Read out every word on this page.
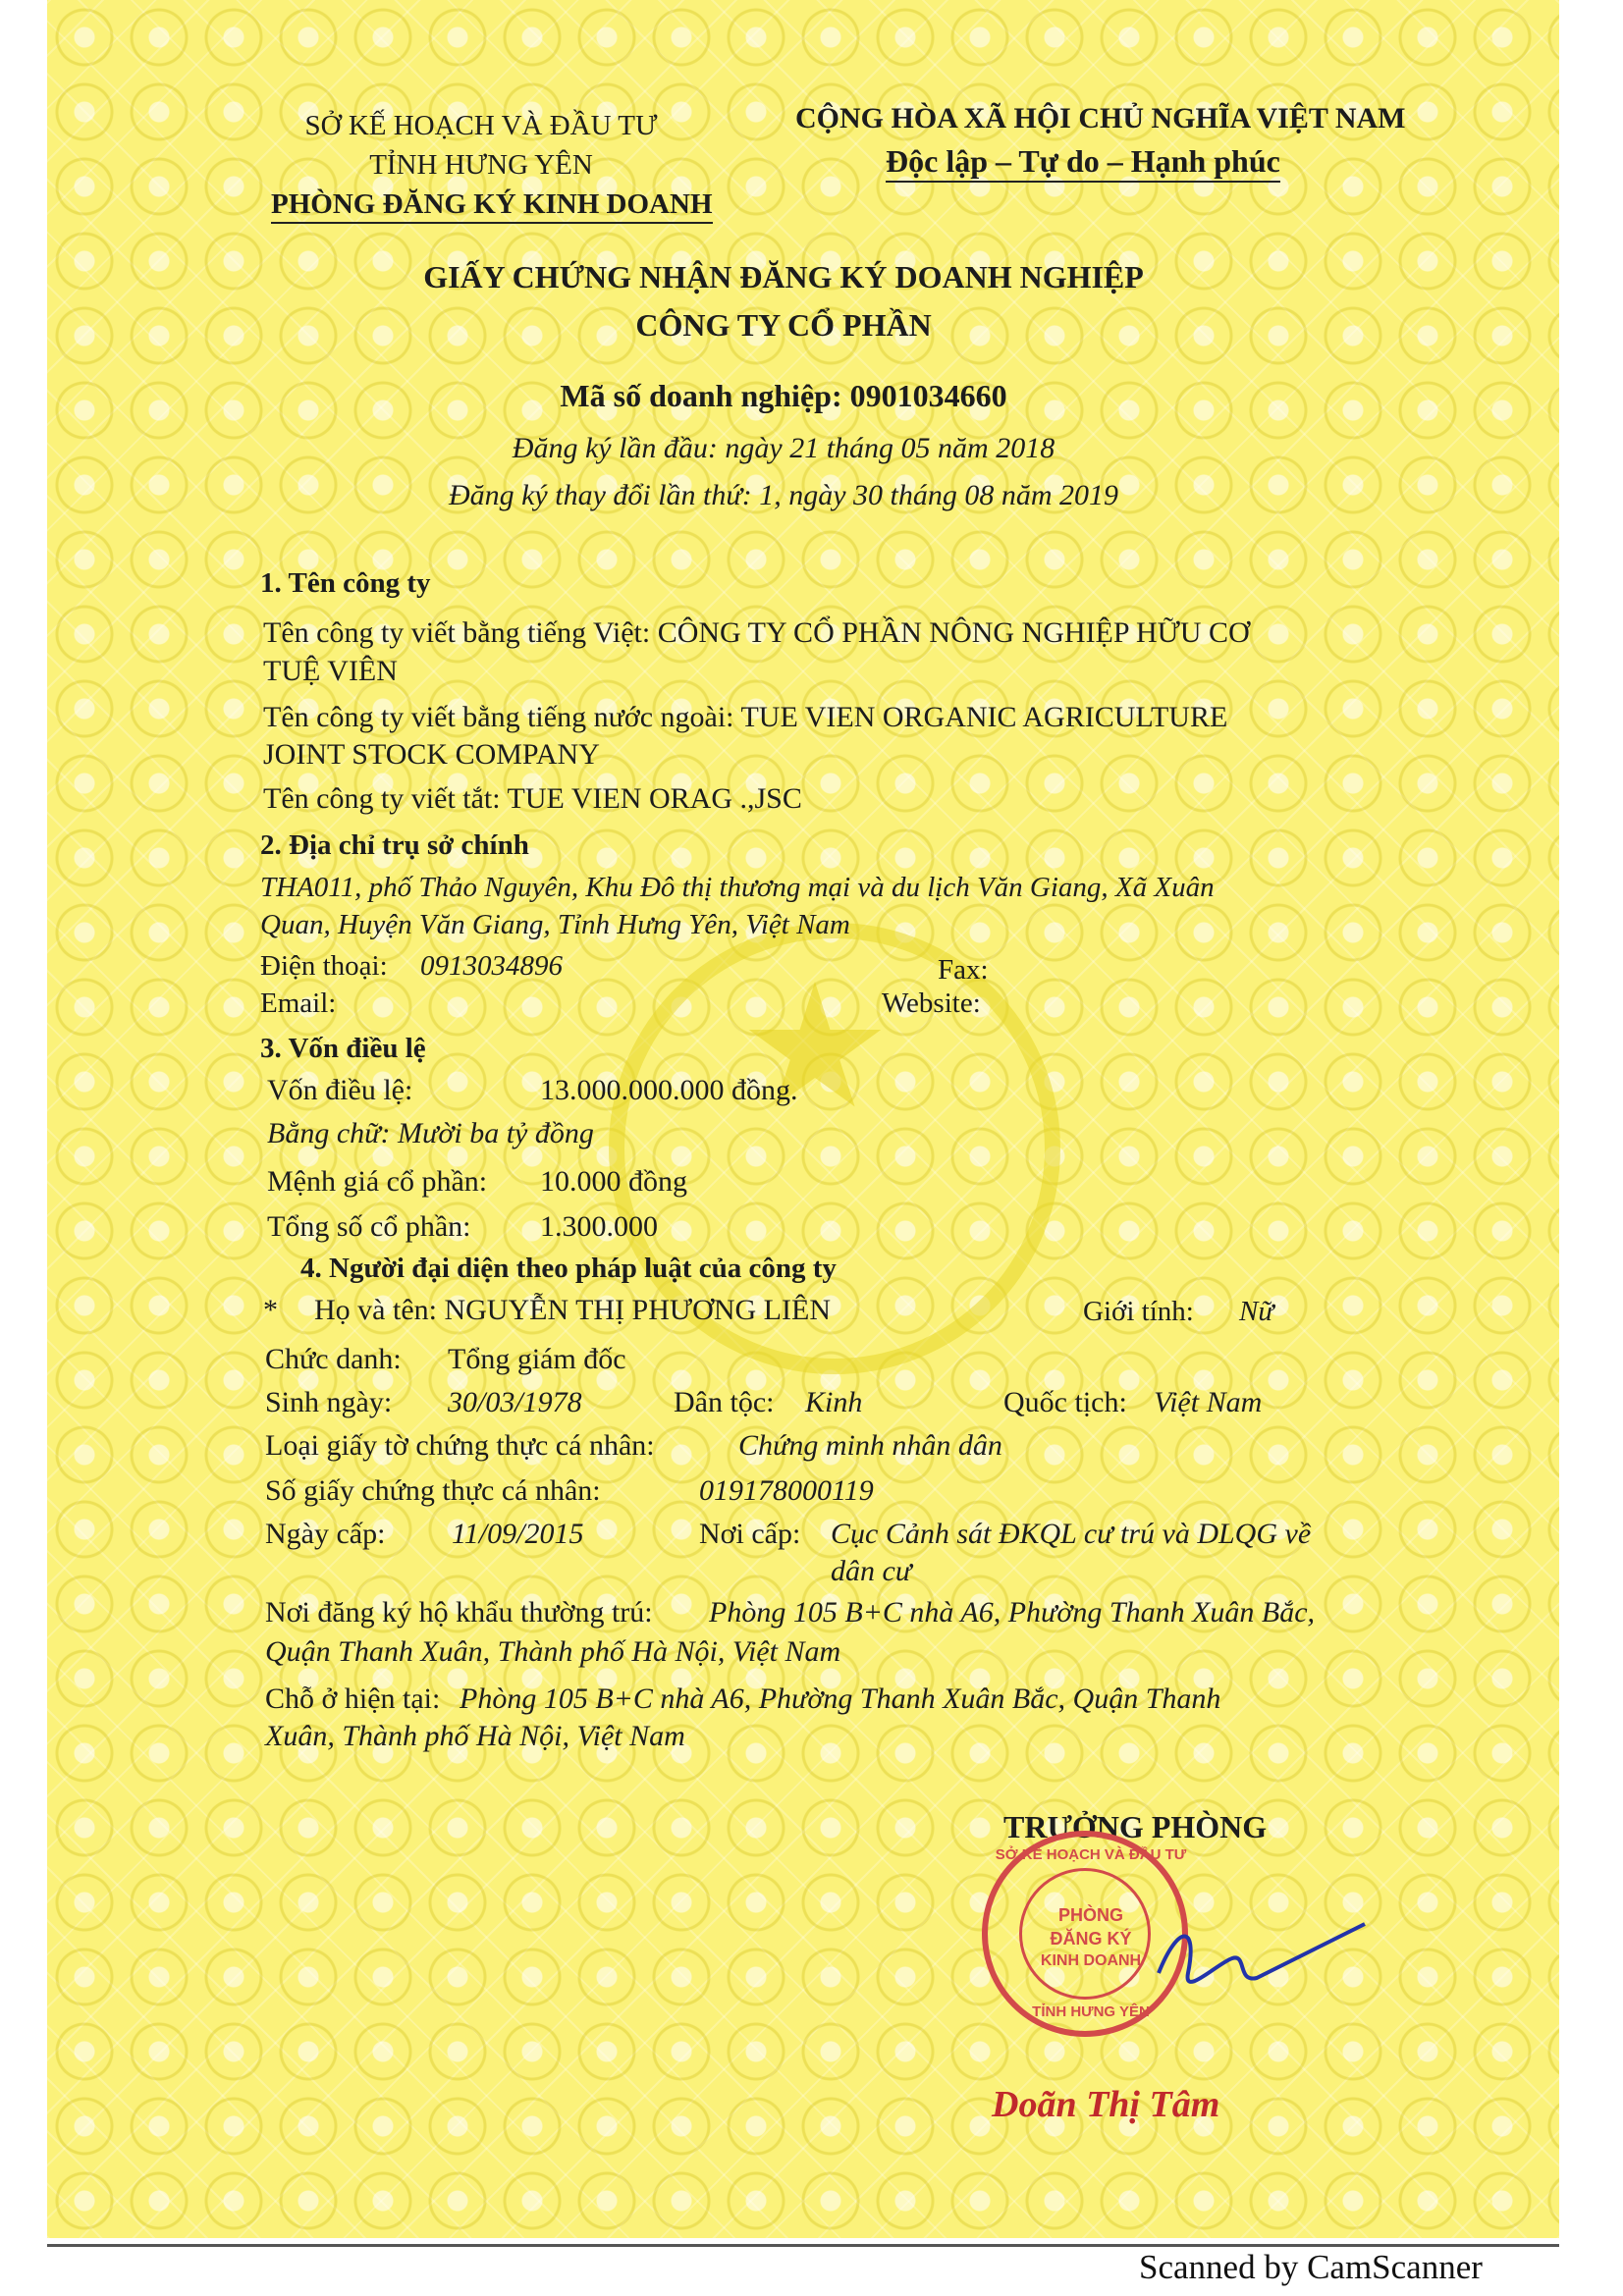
SỞ KẾ HOẠCH VÀ ĐẦU TƯ
TỈNH HƯNG YÊN
PHÒNG ĐĂNG KÝ KINH DOANH
CỘNG HÒA XÃ HỘI CHỦ NGHĨA VIỆT NAM
Độc lập – Tự do – Hạnh phúc
GIẤY CHỨNG NHẬN ĐĂNG KÝ DOANH NGHIỆP
CÔNG TY CỔ PHẦN
Mã số doanh nghiệp: 0901034660
Đăng ký lần đầu: ngày 21 tháng 05 năm 2018
Đăng ký thay đổi lần thứ: 1, ngày 30 tháng 08 năm 2019
1. Tên công ty
Tên công ty viết bằng tiếng Việt: CÔNG TY CỔ PHẦN NÔNG NGHIỆP HỮU CƠ
TUỆ VIÊN
Tên công ty viết bằng tiếng nước ngoài: TUE VIEN ORGANIC AGRICULTURE
JOINT STOCK COMPANY
Tên công ty viết tắt: TUE VIEN ORAG .,JSC
2. Địa chỉ trụ sở chính
THA011, phố Thảo Nguyên, Khu Đô thị thương mại và du lịch Văn Giang, Xã Xuân
Quan, Huyện Văn Giang, Tỉnh Hưng Yên, Việt Nam
Điện thoại: 0913034896	Fax:
Email:	Website:
3. Vốn điều lệ
Vốn điều lệ:	13.000.000.000 đồng.
Bằng chữ: Mười ba tỷ đồng
Mệnh giá cổ phần: 10.000 đồng
Tổng số cổ phần: 1.300.000
4. Người đại diện theo pháp luật của công ty
* Họ và tên: NGUYỄN THỊ PHƯƠNG LIÊN	Giới tính: Nữ
Chức danh: Tổng giám đốc
Sinh ngày: 30/03/1978	Dân tộc: Kinh	Quốc tịch: Việt Nam
Loại giấy tờ chứng thực cá nhân:	Chứng minh nhân dân
Số giấy chứng thực cá nhân:	019178000119
Ngày cấp: 11/09/2015	Nơi cấp: Cục Cảnh sát ĐKQL cư trú và DLQG về
dân cư
Nơi đăng ký hộ khẩu thường trú: Phòng 105 B+C nhà A6, Phường Thanh Xuân Bắc,
Quận Thanh Xuân, Thành phố Hà Nội, Việt Nam
Chỗ ở hiện tại: Phòng 105 B+C nhà A6, Phường Thanh Xuân Bắc, Quận Thanh
Xuân, Thành phố Hà Nội, Việt Nam
TRƯỞNG PHÒNG
SỞ KẾ HOẠCH VÀ ĐẦU TƯ
PHÒNG
ĐĂNG KÝ
KINH DOANH
TỈNH HƯNG YÊN
Doãn Thị Tâm
Scanned by CamScanner
